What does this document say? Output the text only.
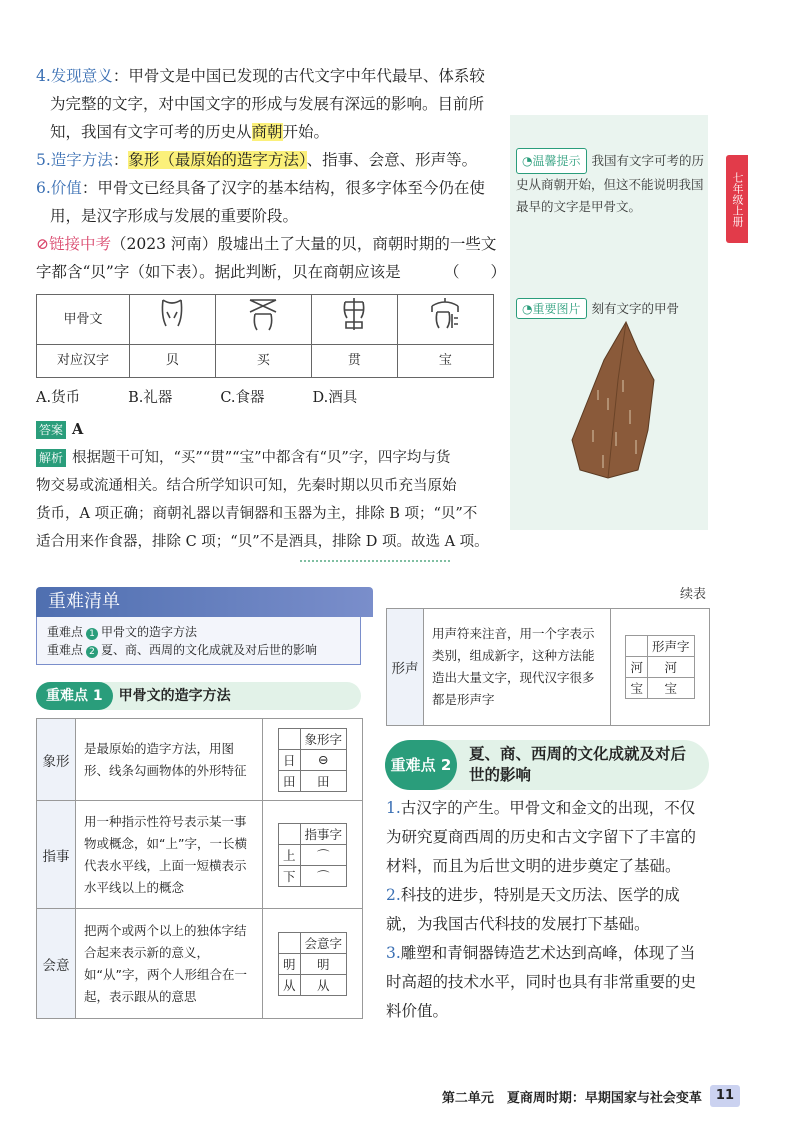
4.发现意义：甲骨文是中国已发现的古代文字中年代最早、体系较

为完整的文字，对中国文字的形成与发展有深远的影响。目前所

知，我国有文字可考的历史从商朝开始。

5.造字方法：象形（最原始的造字方法）、指事、会意、形声等。

6.价值：甲骨文已经具备了汉字的基本结构，很多字体至今仍在使

用，是汉字形成与发展的重要阶段。

⊘链接中考（2023 河南）殷墟出土了大量的贝，商朝时期的一些文

字都含“贝”字（如下表）。据此判断，贝在商朝应该是	（　　）

甲骨文				
对应汉字	贝	买	贯	宝
A.货币	B.礼器	C.食器	D.酒具
答案 A
解析 根据题干可知，“买”“贯”“宝”中都含有“贝”字，四字均与货
物交易或流通相关。结合所学知识可知，先秦时期以贝币充当原始
货币，A 项正确；商朝礼器以青铜器和玉器为主，排除 B 项；“贝”不
适合用来作食器，排除 C 项；“贝”不是酒具，排除 D 项。故选 A 项。
◔温馨提示 我国有文字可考的历史从商朝开始，但这不能说明我国最早的文字是甲骨文。
◔重要图片 刻有文字的甲骨
七年级上册
重难清单
重难点 1 甲骨文的造字方法
重难点 2 夏、商、西周的文化成就及对后世的影响
重难点 1 甲骨文的造字方法
象形	是最原始的造字方法，用图形、线条勾画物体的外形特征	
	象形字
日	⊖
田	田

指事	用一种指示性符号表示某一事物或概念，如“上”字，一长横代表水平线，上面一短横表示水平线以上的概念	
	指事字
上	⌒
下	⌒

会意	把两个或两个以上的独体字结合起来表示新的意义，如“从”字，两个人形组合在一起，表示跟从的意思	
	会意字
明	明
从	从
续表
形声	用声符来注音，用一个字表示类别，组成新字，这种方法能造出大量文字，现代汉字很多都是形声字	
	形声字
河	河
宝	宝
重难点 2
夏、商、西周的文化成就及对后世的影响

1.古汉字的产生。甲骨文和金文的出现，不仅为研究夏商西周的历史和古文字留下了丰富的材料，而且为后世文明的进步奠定了基础。

2.科技的进步，特别是天文历法、医学的成就，为我国古代科技的发展打下基础。

3.雕塑和青铜器铸造艺术达到高峰，体现了当时高超的技术水平，同时也具有非常重要的史料价值。

第二单元　夏商周时期：早期国家与社会变革	11
